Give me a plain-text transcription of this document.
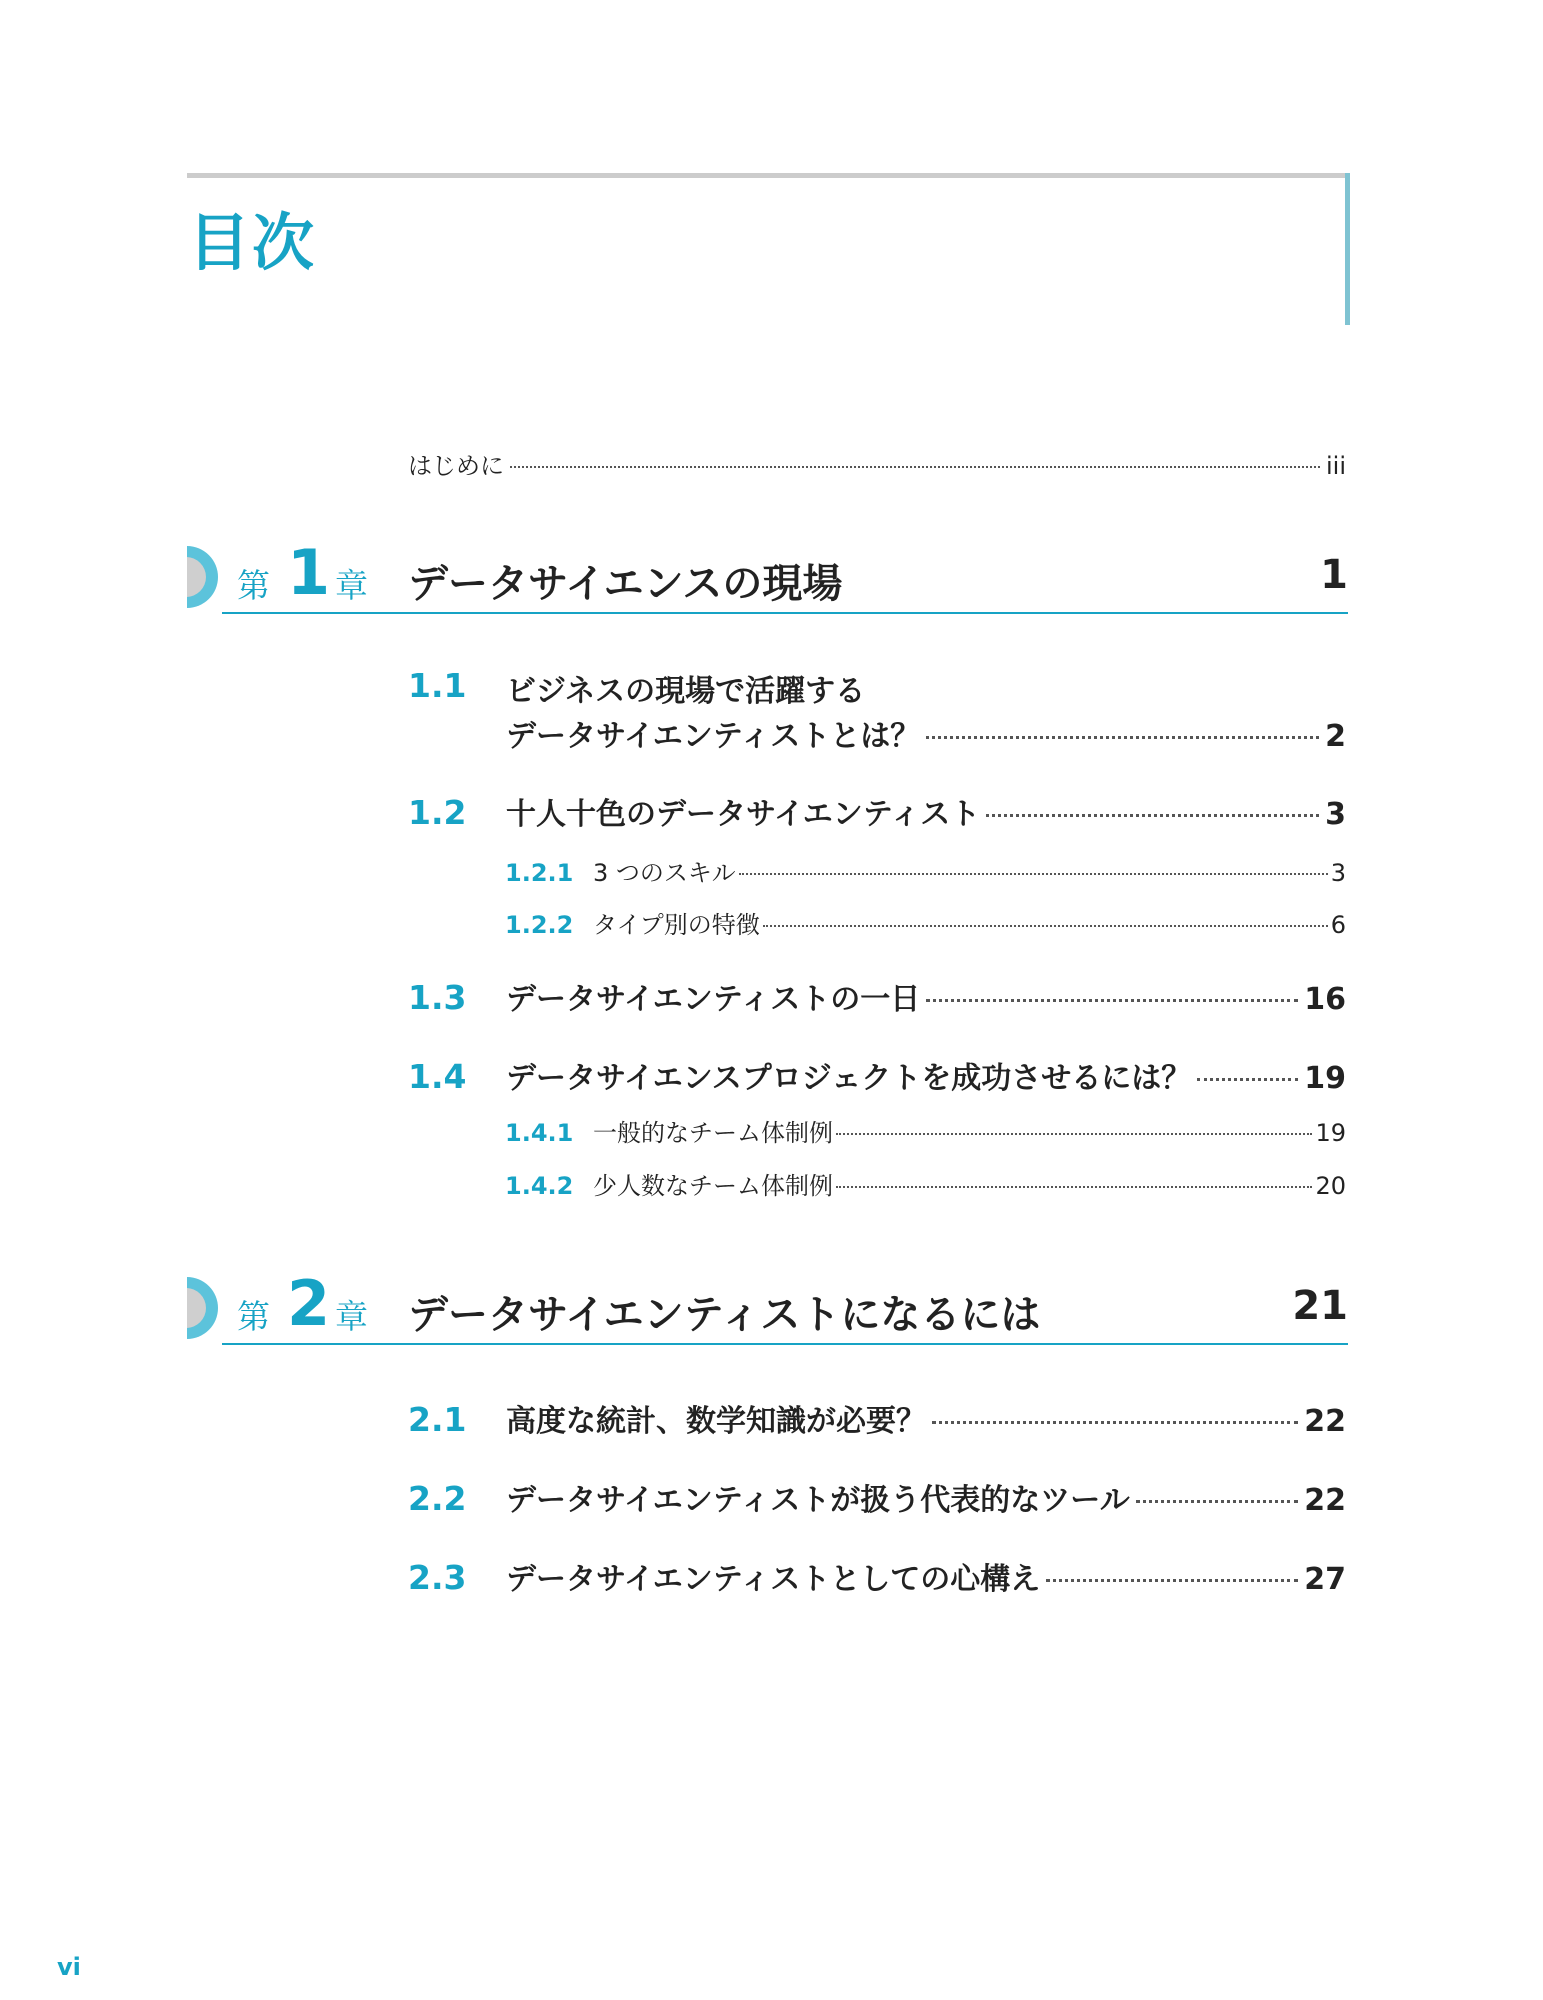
目次
はじめに	iii
第 1 章 データサイエンスの現場	1
1.1	ビジネスの現場で活躍する
データサイエンティストとは？	2
1.2	十人十色のデータサイエンティスト	3
1.2.1 3 つのスキル	3
1.2.2 タイプ別の特徴	6
1.3	データサイエンティストの一日	16
1.4	データサイエンスプロジェクトを成功させるには？	19
1.4.1 一般的なチーム体制例	19
1.4.2 少人数なチーム体制例	20
第 2 章 データサイエンティストになるには	21
2.1	高度な統計、数学知識が必要？	22
2.2	データサイエンティストが扱う代表的なツール	22
2.3	データサイエンティストとしての心構え	27
vi
